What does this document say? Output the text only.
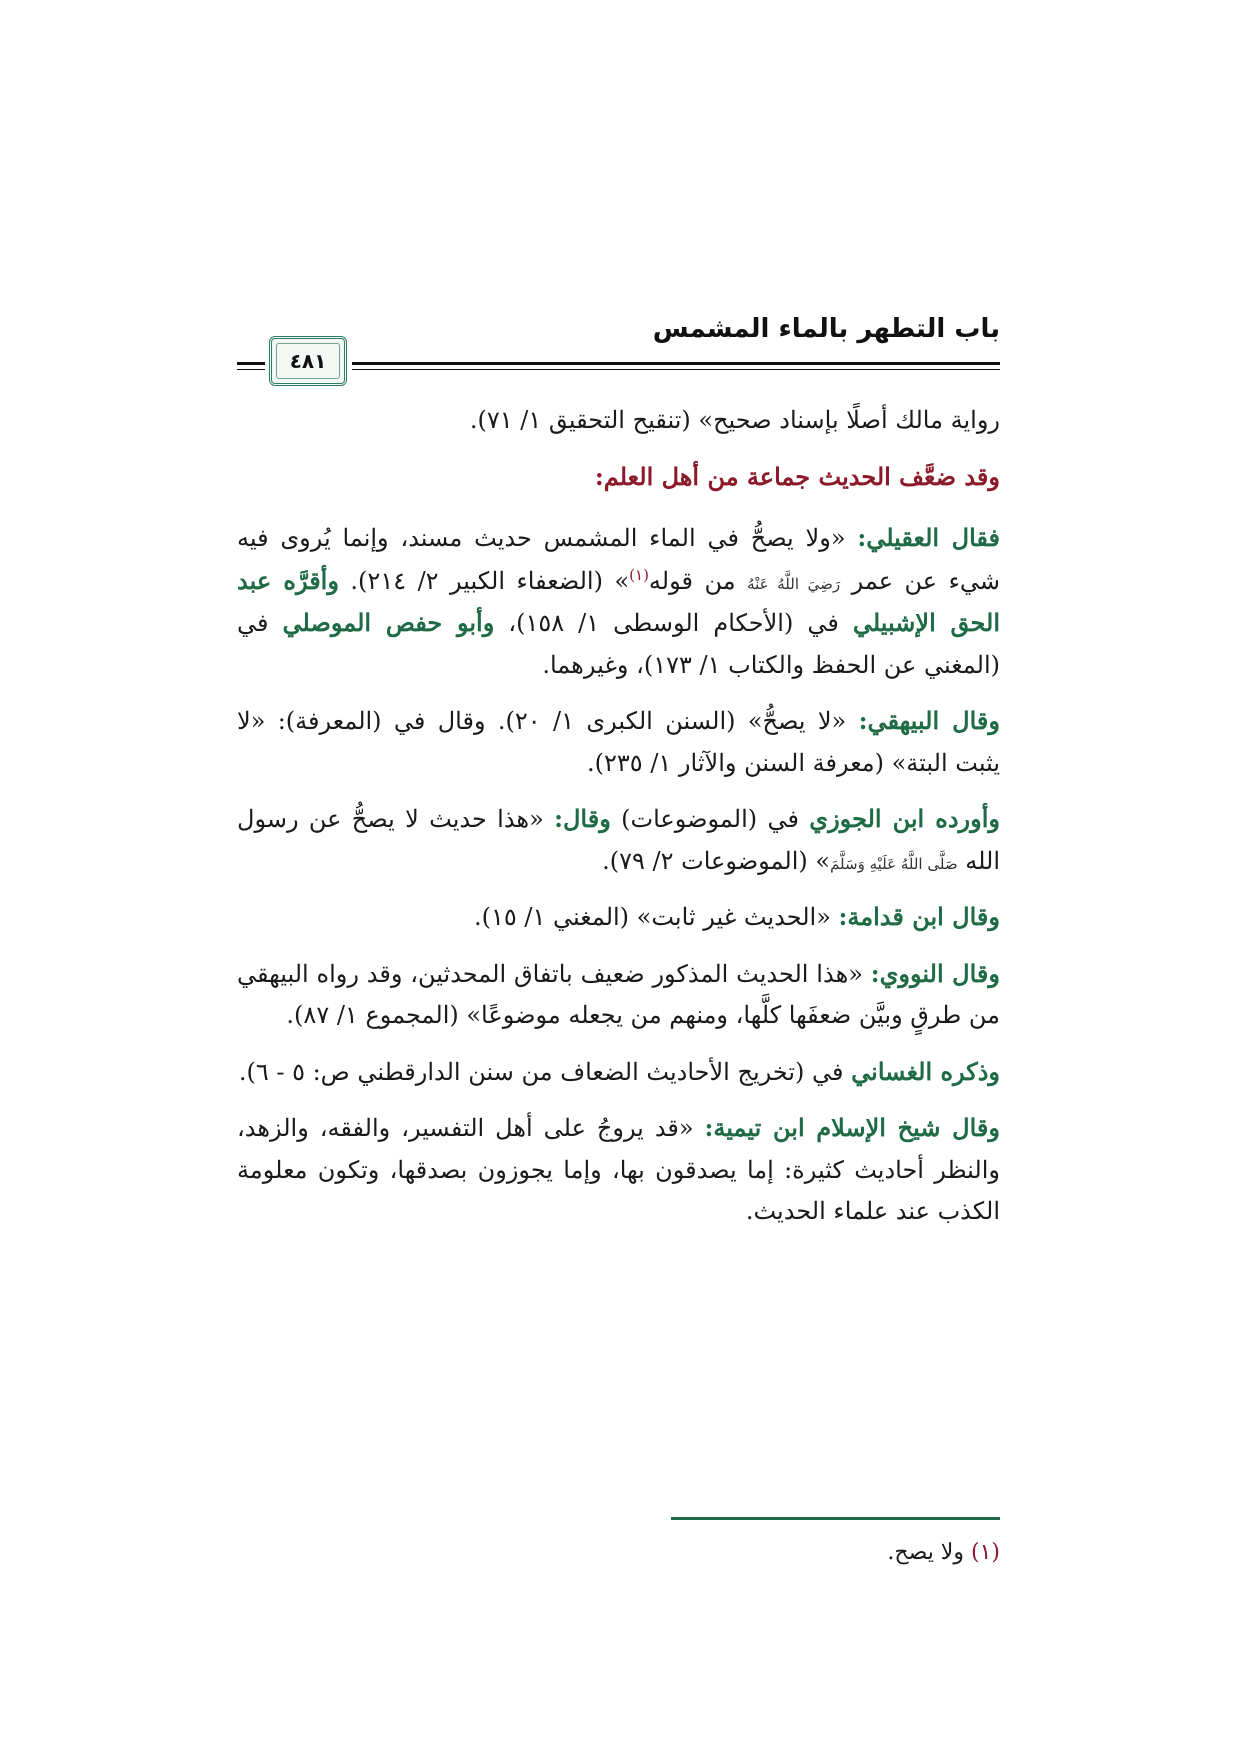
باب التطهر بالماء المشمس
٤٨١

رواية مالك أصلًا بإسناد صحيح» (تنقيح التحقيق ١/ ٧١).

وقد ضعَّف الحديث جماعة من أهل العلم:

فقال العقيلي: «ولا يصحُّ في الماء المشمس حديث مسند، وإنما يُروى فيه شيء عن عمر رَضِيَ اللَّهُ عَنْهُ من قوله$^{(١)}$» (الضعفاء الكبير ٢/ ٢١٤). وأقرَّه عبد الحق الإشبيلي في (الأحكام الوسطى ١/ ١٥٨)، وأبو حفص الموصلي في (المغني عن الحفظ والكتاب ١/ ١٧٣)، وغيرهما.

وقال البيهقي: «لا يصحُّ» (السنن الكبرى ١/ ٢٠). وقال في (المعرفة): «لا يثبت البتة» (معرفة السنن والآثار ١/ ٢٣٥).

وأورده ابن الجوزي في (الموضوعات) وقال: «هذا حديث لا يصحُّ عن رسول الله صَلَّى اللَّهُ عَلَيْهِ وَسَلَّمَ» (الموضوعات ٢/ ٧٩).

وقال ابن قدامة: «الحديث غير ثابت» (المغني ١/ ١٥).

وقال النووي: «هذا الحديث المذكور ضعيف باتفاق المحدثين، وقد رواه البيهقي من طرقٍ وبيَّن ضعفَها كلَّها، ومنهم من يجعله موضوعًا» (المجموع ١/ ٨٧).

وذكره الغساني في (تخريج الأحاديث الضعاف من سنن الدارقطني ص: ٥ - ٦).

وقال شيخ الإسلام ابن تيمية: «قد يروجُ على أهل التفسير، والفقه، والزهد، والنظر أحاديث كثيرة: إما يصدقون بها، وإما يجوزون بصدقها، وتكون معلومة الكذب عند علماء الحديث.

(١) ولا يصح.
